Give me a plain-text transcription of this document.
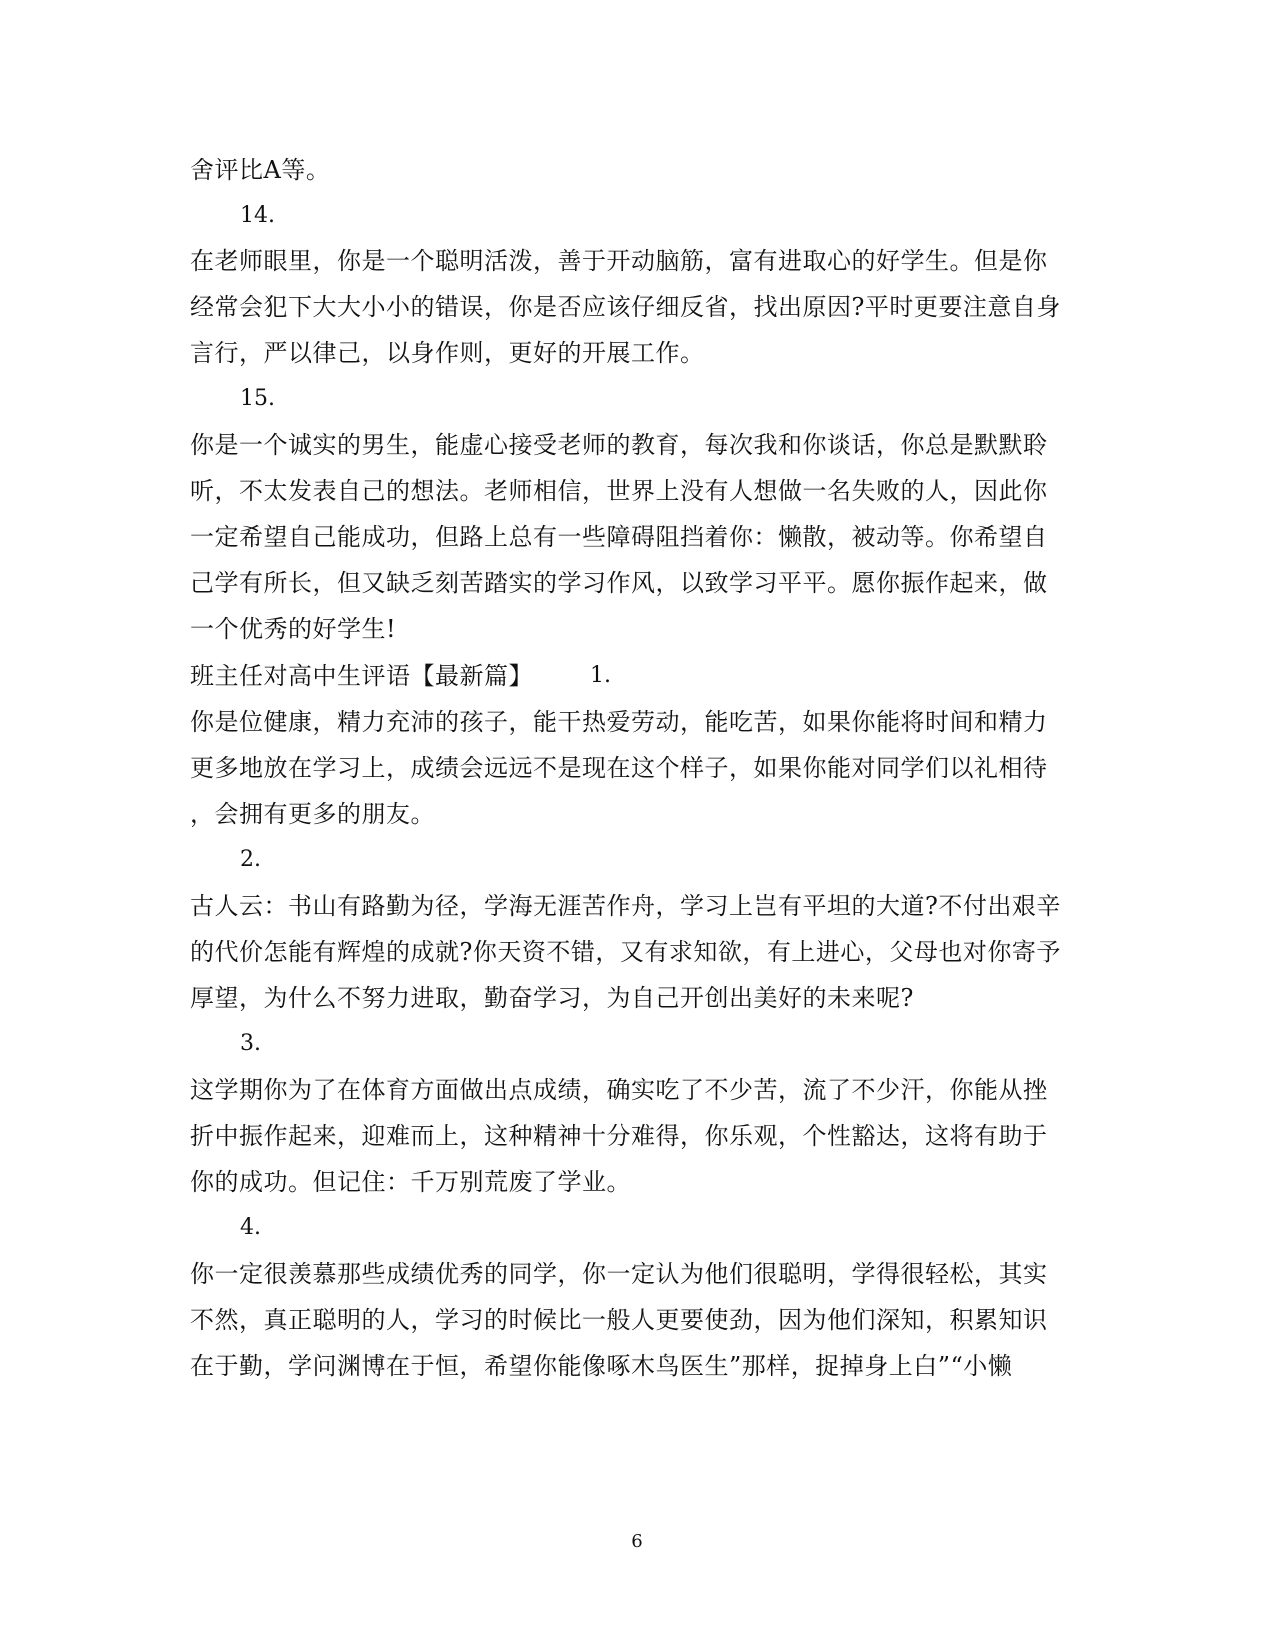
舍评比A等。
14.
在老师眼里，你是一个聪明活泼，善于开动脑筋，富有进取心的好学生。但是你
经常会犯下大大小小的错误，你是否应该仔细反省，找出原因?平时更要注意自身
言行，严以律己，以身作则，更好的开展工作。
15.
你是一个诚实的男生，能虚心接受老师的教育，每次我和你谈话，你总是默默聆
听，不太发表自己的想法。老师相信，世界上没有人想做一名失败的人，因此你
一定希望自己能成功，但路上总有一些障碍阻挡着你：懒散，被动等。你希望自
己学有所长，但又缺乏刻苦踏实的学习作风，以致学习平平。愿你振作起来，做
一个优秀的好学生!
班主任对高中生评语【最新篇】	1.
你是位健康，精力充沛的孩子，能干热爱劳动，能吃苦，如果你能将时间和精力
更多地放在学习上，成绩会远远不是现在这个样子，如果你能对同学们以礼相待
，会拥有更多的朋友。
2.
古人云：书山有路勤为径，学海无涯苦作舟，学习上岂有平坦的大道?不付出艰辛
的代价怎能有辉煌的成就?你天资不错，又有求知欲，有上进心，父母也对你寄予
厚望，为什么不努力进取，勤奋学习，为自己开创出美好的未来呢?
3.
这学期你为了在体育方面做出点成绩，确实吃了不少苦，流了不少汗，你能从挫
折中振作起来，迎难而上，这种精神十分难得，你乐观，个性豁达，这将有助于
你的成功。但记住：千万别荒废了学业。
4.
你一定很羡慕那些成绩优秀的同学，你一定认为他们很聪明，学得很轻松，其实
不然，真正聪明的人，学习的时候比一般人更要使劲，因为他们深知，积累知识
在于勤，学问渊博在于恒，希望你能像啄木鸟医生”那样，捉掉身上白”“小懒
6
